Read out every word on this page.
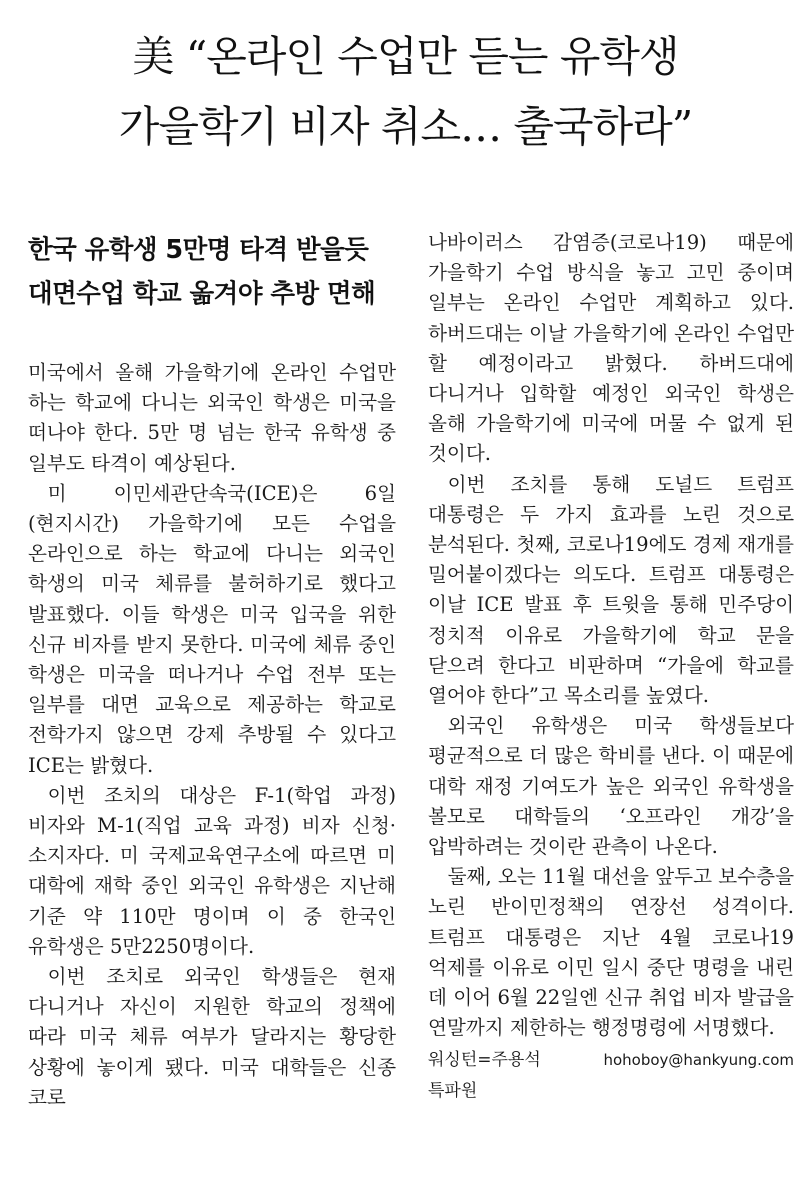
美 “온라인 수업만 듣는 유학생
가을학기 비자 취소… 출국하라”
한국 유학생 5만명 타격 받을듯
대면수업 학교 옮겨야 추방 면해

미국에서 올해 가을학기에 온라인 수업만 하는 학교에 다니는 외국인 학생은 미국을 떠나야 한다. 5만 명 넘는 한국 유학생 중 일부도 타격이 예상된다.

미 이민세관단속국(ICE)은 6일(현지시간) 가을학기에 모든 수업을 온라인으로 하는 학교에 다니는 외국인 학생의 미국 체류를 불허하기로 했다고 발표했다. 이들 학생은 미국 입국을 위한 신규 비자를 받지 못한다. 미국에 체류 중인 학생은 미국을 떠나거나 수업 전부 또는 일부를 대면 교육으로 제공하는 학교로 전학가지 않으면 강제 추방될 수 있다고 ICE는 밝혔다.

이번 조치의 대상은 F-1(학업 과정) 비자와 M-1(직업 교육 과정) 비자 신청·소지자다. 미 국제교육연구소에 따르면 미 대학에 재학 중인 외국인 유학생은 지난해 기준 약 110만 명이며 이 중 한국인 유학생은 5만2250명이다.

이번 조치로 외국인 학생들은 현재 다니거나 자신이 지원한 학교의 정책에 따라 미국 체류 여부가 달라지는 황당한 상황에 놓이게 됐다. 미국 대학들은 신종 코로

나바이러스 감염증(코로나19) 때문에 가을학기 수업 방식을 놓고 고민 중이며 일부는 온라인 수업만 계획하고 있다. 하버드대는 이날 가을학기에 온라인 수업만 할 예정이라고 밝혔다. 하버드대에 다니거나 입학할 예정인 외국인 학생은 올해 가을학기에 미국에 머물 수 없게 된 것이다.

이번 조치를 통해 도널드 트럼프 대통령은 두 가지 효과를 노린 것으로 분석된다. 첫째, 코로나19에도 경제 재개를 밀어붙이겠다는 의도다. 트럼프 대통령은 이날 ICE 발표 후 트윗을 통해 민주당이 정치적 이유로 가을학기에 학교 문을 닫으려 한다고 비판하며 “가을에 학교를 열어야 한다”고 목소리를 높였다.

외국인 유학생은 미국 학생들보다 평균적으로 더 많은 학비를 낸다. 이 때문에 대학 재정 기여도가 높은 외국인 유학생을 볼모로 대학들의 ‘오프라인 개강’을 압박하려는 것이란 관측이 나온다.

둘째, 오는 11월 대선을 앞두고 보수층을 노린 반이민정책의 연장선 성격이다. 트럼프 대통령은 지난 4월 코로나19 억제를 이유로 이민 일시 중단 명령을 내린 데 이어 6월 22일엔 신규 취업 비자 발급을 연말까지 제한하는 행정명령에 서명했다.

워싱턴=주용석 특파원
hohoboy@hankyung.com
